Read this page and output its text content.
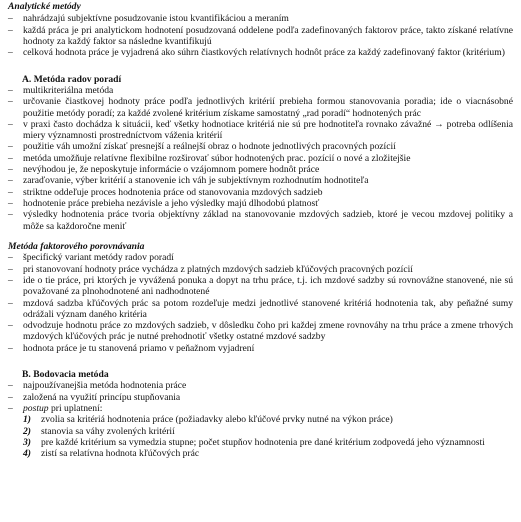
Analytické metódy
– nahrádzajú subjektívne posudzovanie istou kvantifikáciou a meraním
– každá práca je pri analytickom hodnotení posudzovaná oddelene podľa zadefinovaných faktorov práce, takto získané relatívne hodnoty za každý faktor sa následne kvantifikujú
– celková hodnota práce je vyjadrená ako súhrn čiastkových relatívnych hodnôt práce za každý zadefinovaný faktor (kritérium)
A. Metóda radov poradí
– multikriteriálna metóda
– určovanie čiastkovej hodnoty práce podľa jednotlivých kritérií prebieha formou stanovovania poradia; ide o viacnásobné použitie metódy poradí; za každé zvolené kritérium získame samostatný „rad poradí“ hodnotených prác
– v praxi často dochádza k situácii, keď všetky hodnotiace kritériá nie sú pre hodnotiteľa rovnako závažné → potreba odlíšenia miery významnosti prostredníctvom váženia kritérií
– použitie váh umožní získať presnejší a reálnejší obraz o hodnote jednotlivých pracovných pozícií
– metóda umožňuje relatívne flexibilne rozširovať súbor hodnotených prac. pozícií o nové a zložitejšie
– nevýhodou je, že neposkytuje informácie o vzájomnom pomere hodnôt práce
– zaraďovanie, výber kritérií a stanovenie ich váh je subjektívnym rozhodnutím hodnotiteľa
– striktne oddeľuje proces hodnotenia práce od stanovovania mzdových sadzieb
– hodnotenie práce prebieha nezávisle a jeho výsledky majú dlhodobú platnosť
– výsledky hodnotenia práce tvoria objektívny základ na stanovovanie mzdových sadzieb, ktoré je vecou mzdovej politiky a môže sa každoročne meniť
Metóda faktorového porovnávania
– špecifický variant metódy radov poradí
– pri stanovovaní hodnoty práce vychádza z platných mzdových sadzieb kľúčových pracovných pozícií
– ide o tie práce, pri ktorých je vyvážená ponuka a dopyt na trhu práce, t.j. ich mzdové sadzby sú rovnovážne stanovené, nie sú považované za plnohodnotené ani nadhodnotené
– mzdová sadzba kľúčových prác sa potom rozdeľuje medzi jednotlivé stanovené kritériá hodnotenia tak, aby peňažné sumy odrážali význam daného kritéria
– odvodzuje hodnotu práce zo mzdových sadzieb, v dôsledku čoho pri každej zmene rovnováhy na trhu práce a zmene trhových mzdových kľúčových prác je nutné prehodnotiť všetky ostatné mzdové sadzby
– hodnota práce je tu stanovená priamo v peňažnom vyjadrení
B. Bodovacia metóda
– najpoužívanejšia metóda hodnotenia práce
– založená na využití princípu stupňovania
– postup pri uplatnení:
1) zvolia sa kritériá hodnotenia práce (požiadavky alebo kľúčové prvky nutné na výkon práce)
2) stanovia sa váhy zvolených kritérií
3) pre každé kritérium sa vymedzia stupne; počet stupňov hodnotenia pre dané kritérium zodpovedá jeho významnosti
4) zistí sa relatívna hodnota kľúčových prác
